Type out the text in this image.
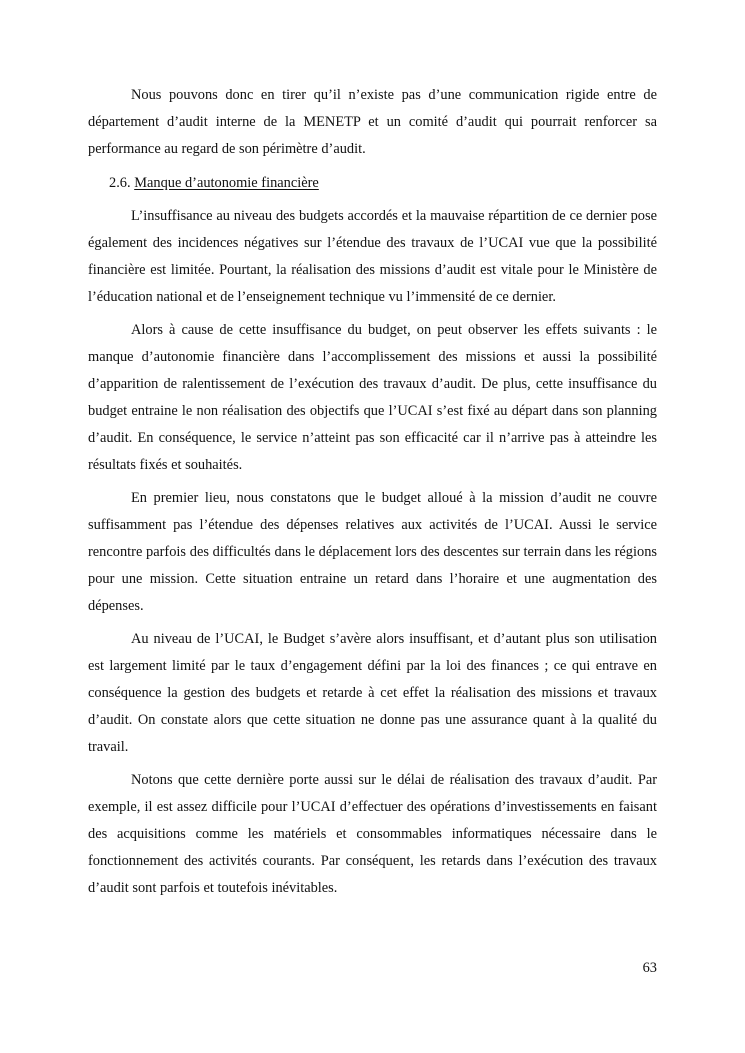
Nous pouvons donc en tirer qu’il n’existe pas d’une communication rigide entre de département d’audit interne de la MENETP et un comité d’audit qui pourrait renforcer sa performance au regard de son périmètre d’audit.

2.6. Manque d’autonomie financière

L’insuffisance au niveau des budgets accordés et la mauvaise répartition de ce dernier pose également des incidences négatives sur l’étendue des travaux de l’UCAI vue que la possibilité financière est limitée. Pourtant, la réalisation des missions d’audit est vitale pour le Ministère de l’éducation national et de l’enseignement technique vu l’immensité de ce dernier.

Alors à cause de cette insuffisance du budget, on peut observer les effets suivants : le manque d’autonomie financière dans l’accomplissement des missions et aussi la possibilité d’apparition de ralentissement de l’exécution des travaux d’audit. De plus, cette insuffisance du budget entraine le non réalisation des objectifs que l’UCAI s’est fixé au départ dans son planning d’audit. En conséquence, le service n’atteint pas son efficacité car il n’arrive pas à atteindre les résultats fixés et souhaités.

En premier lieu, nous constatons que le budget alloué à la mission d’audit ne couvre suffisamment pas l’étendue des dépenses relatives aux activités de l’UCAI. Aussi le service rencontre parfois des difficultés dans le déplacement lors des descentes sur terrain dans les régions pour une mission. Cette situation entraine un retard dans l’horaire et une augmentation des dépenses.

Au niveau de l’UCAI, le Budget s’avère alors insuffisant, et d’autant plus son utilisation est largement limité par le taux d’engagement défini par la loi des finances ; ce qui entrave en conséquence la gestion des budgets et retarde à cet effet la réalisation des missions et travaux d’audit. On constate alors que cette situation ne donne pas une assurance quant à la qualité du travail.

Notons que cette dernière porte aussi sur le délai de réalisation des travaux d’audit. Par exemple, il est assez difficile pour l’UCAI d’effectuer des opérations d’investissements en faisant des acquisitions comme les matériels et consommables informatiques nécessaire dans le fonctionnement des activités courants. Par conséquent, les retards dans l’exécution des travaux d’audit sont parfois et toutefois inévitables.

63
